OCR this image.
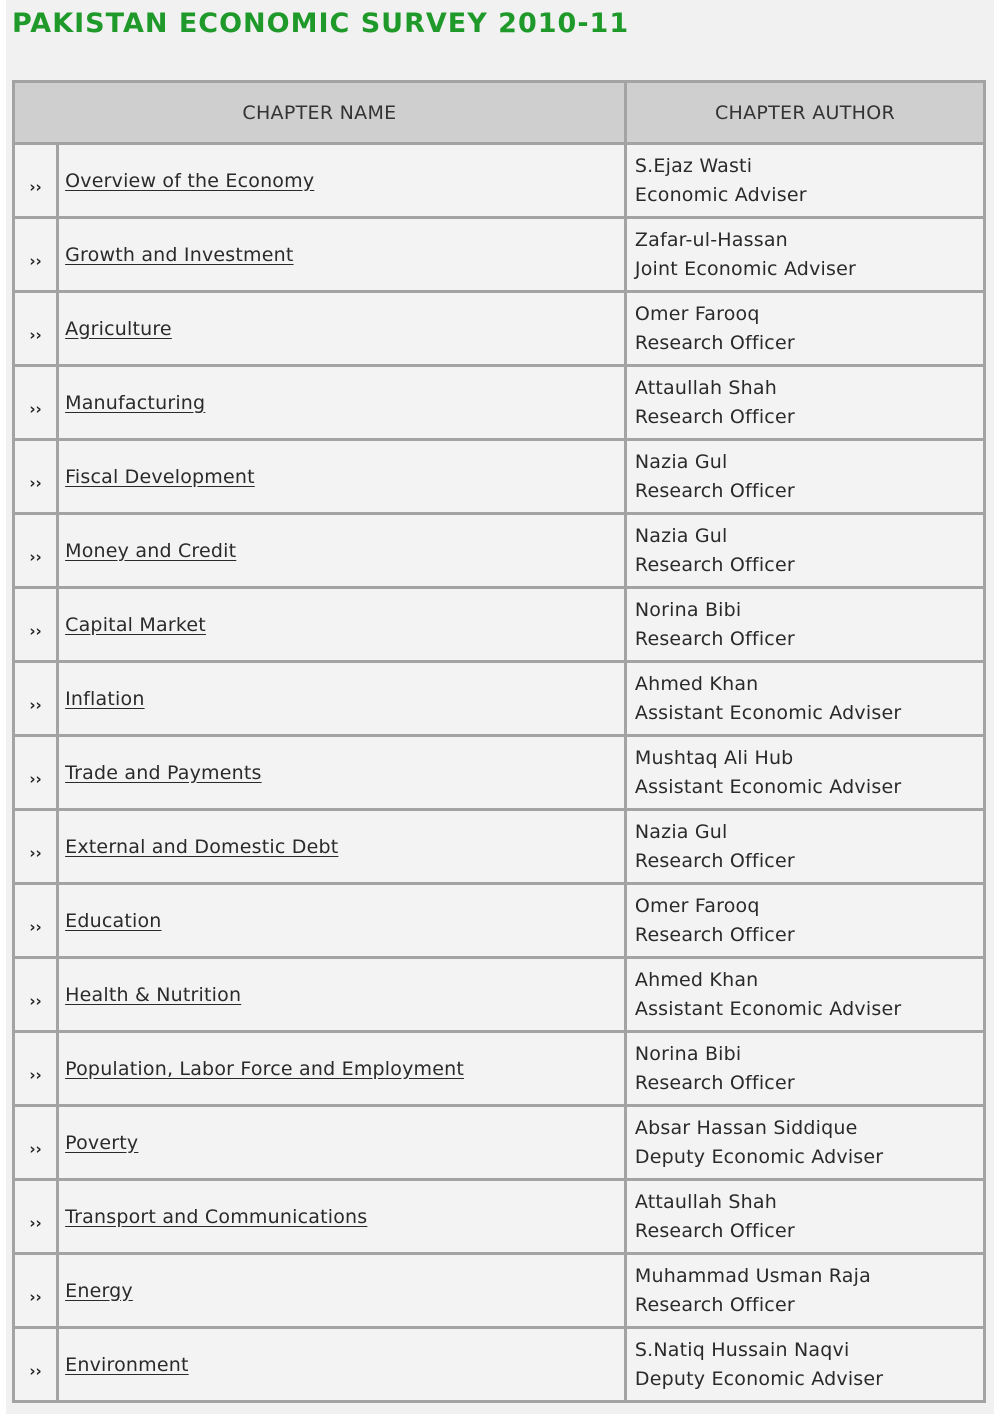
PAKISTAN ECONOMIC SURVEY 2010-11
CHAPTER NAME		CHAPTER AUTHOR
››	Overview of the Economy	S.Ejaz Wasti
Economic Adviser

››	Growth and Investment	Zafar-ul-Hassan
Joint Economic Adviser

››	Agriculture	Omer Farooq
Research Officer

››	Manufacturing	Attaullah Shah
Research Officer

››	Fiscal Development	Nazia Gul
Research Officer

››	Money and Credit	Nazia Gul
Research Officer

››	Capital Market	Norina Bibi
Research Officer

››	Inflation	Ahmed Khan
Assistant Economic Adviser

››	Trade and Payments	Mushtaq Ali Hub
Assistant Economic Adviser

››	External and Domestic Debt	Nazia Gul
Research Officer

››	Education	Omer Farooq
Research Officer

››	Health & Nutrition	Ahmed Khan
Assistant Economic Adviser

››	Population, Labor Force and Employment	Norina Bibi
Research Officer

››	Poverty	Absar Hassan Siddique
Deputy Economic Adviser

››	Transport and Communications	Attaullah Shah
Research Officer

››	Energy	Muhammad Usman Raja
Research Officer

››	Environment	S.Natiq Hussain Naqvi
Deputy Economic Adviser
